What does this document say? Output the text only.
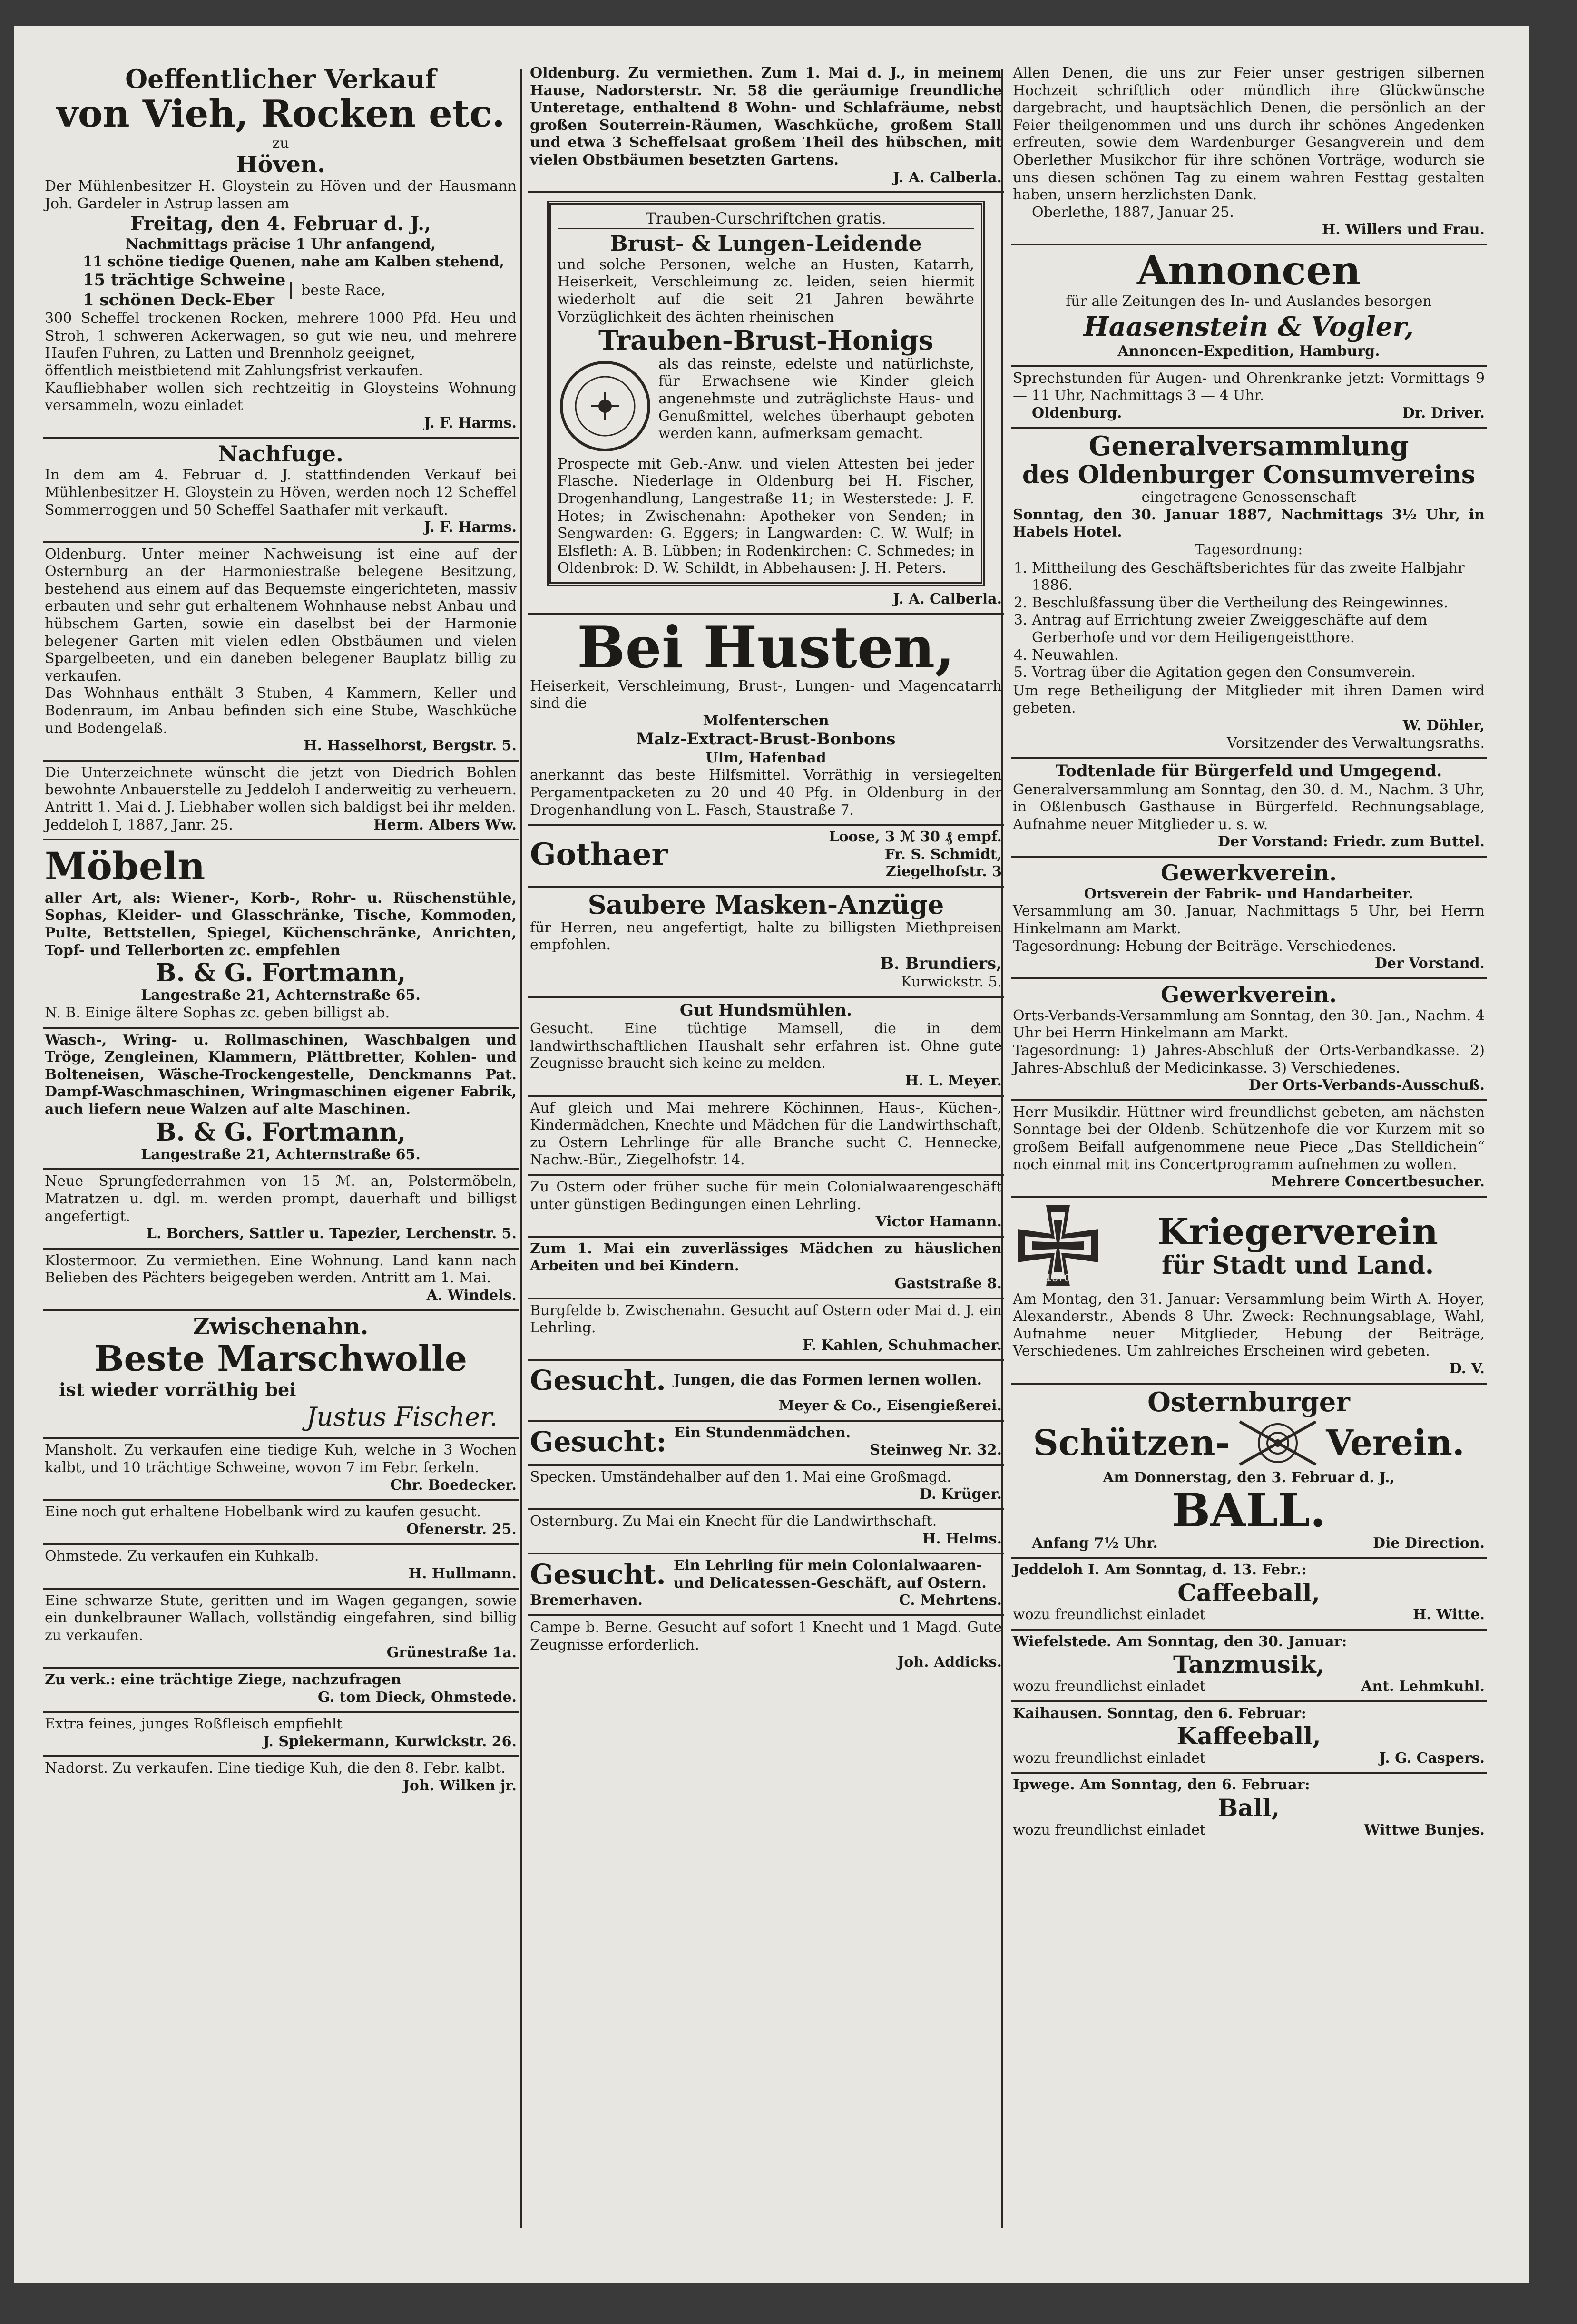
Oeffentlicher Verkauf

von Vieh, Rocken etc.

zu

Höven.

Der Mühlenbesitzer H. Gloystein zu Höven und der Hausmann Joh. Gardeler in Astrup lassen am

Freitag, den 4. Februar d. J.,

Nachmittags präcise 1 Uhr anfangend,

11 schöne tiedige Quenen, nahe am Kalben stehend,

15 trächtige Schweine

1 schönen Deck-Eber

beste Race,

300 Scheffel trockenen Rocken, mehrere 1000 Pfd. Heu und Stroh, 1 schweren Ackerwagen, so gut wie neu, und mehrere Haufen Fuhren, zu Latten und Brennholz geeignet,

öffentlich meistbietend mit Zahlungsfrist verkaufen.

Kaufliebhaber wollen sich rechtzeitig in Gloysteins Wohnung versammeln, wozu einladet

J. F. Harms.

Nachfuge.

In dem am 4. Februar d. J. stattfindenden Verkauf bei Mühlenbesitzer H. Gloystein zu Höven, werden noch 12 Scheffel Sommerroggen und 50 Scheffel Saathafer mit verkauft.

J. F. Harms.

Oldenburg. Unter meiner Nachweisung ist eine auf der Osternburg an der Harmoniestraße belegene Besitzung, bestehend aus einem auf das Bequemste eingerichteten, massiv erbauten und sehr gut erhaltenem Wohnhause nebst Anbau und hübschem Garten, sowie ein daselbst bei der Harmonie belegener Garten mit vielen edlen Obstbäumen und vielen Spargelbeeten, und ein daneben belegener Bauplatz billig zu verkaufen.

Das Wohnhaus enthält 3 Stuben, 4 Kammern, Keller und Bodenraum, im Anbau befinden sich eine Stube, Waschküche und Bodengelaß.

H. Hasselhorst, Bergstr. 5.

Die Unterzeichnete wünscht die jetzt von Diedrich Bohlen bewohnte Anbauerstelle zu Jeddeloh I anderweitig zu verheuern. Antritt 1. Mai d. J. Liebhaber wollen sich baldigst bei ihr melden.

Jeddeloh I, 1887, Janr. 25.	Herm. Albers Ww.
Möbeln

aller Art, als: Wiener-, Korb-, Rohr- u. Rüschenstühle, Sophas, Kleider- und Glasschränke, Tische, Kommoden, Pulte, Bettstellen, Spiegel, Küchenschränke, Anrichten, Topf- und Tellerborten zc. empfehlen

B. & G. Fortmann,

Langestraße 21, Achternstraße 65.

N. B. Einige ältere Sophas zc. geben billigst ab.

Wasch-, Wring- u. Rollmaschinen, Waschbalgen und Tröge, Zengleinen, Klammern, Plättbretter, Kohlen- und Bolteneisen, Wäsche-Trockengestelle, Denckmanns Pat. Dampf-Waschmaschinen, Wringmaschinen eigener Fabrik, auch liefern neue Walzen auf alte Maschinen.

B. & G. Fortmann,

Langestraße 21, Achternstraße 65.

Neue Sprungfederrahmen von 15 ℳ. an, Polstermöbeln, Matratzen u. dgl. m. werden prompt, dauerhaft und billigst angefertigt.

L. Borchers, Sattler u. Tapezier, Lerchenstr. 5.

Klostermoor. Zu vermiethen. Eine Wohnung. Land kann nach Belieben des Pächters beigegeben werden. Antritt am 1. Mai.

A. Windels.

Zwischenahn.

Beste Marschwolle

ist wieder vorräthig bei

Justus Fischer.

Mansholt. Zu verkaufen eine tiedige Kuh, welche in 3 Wochen kalbt, und 10 trächtige Schweine, wovon 7 im Febr. ferkeln.

Chr. Boedecker.

Eine noch gut erhaltene Hobelbank wird zu kaufen gesucht.

Ofenerstr. 25.

Ohmstede. Zu verkaufen ein Kuhkalb.

H. Hullmann.

Eine schwarze Stute, geritten und im Wagen gegangen, sowie ein dunkelbrauner Wallach, vollständig eingefahren, sind billig zu verkaufen.

Grünestraße 1a.

Zu verk.: eine trächtige Ziege, nachzufragen

G. tom Dieck, Ohmstede.

Extra feines, junges Roßfleisch empfiehlt

J. Spiekermann, Kurwickstr. 26.

Nadorst. Zu verkaufen. Eine tiedige Kuh, die den 8. Febr. kalbt.

Joh. Wilken jr.

Oldenburg. Zu vermiethen. Zum 1. Mai d. J., in meinem Hause, Nadorsterstr. Nr. 58 die geräumige freundliche Unteretage, enthaltend 8 Wohn- und Schlafräume, nebst großen Souterrein-Räumen, Waschküche, großem Stall und etwa 3 Scheffelsaat großem Theil des hübschen, mit vielen Obstbäumen besetzten Gartens.

J. A. Calberla.

Trauben-Curschriftchen gratis.

Brust- & Lungen-Leidende

und solche Personen, welche an Husten, Katarrh, Heiserkeit, Verschleimung zc. leiden, seien hiermit wiederholt auf die seit 21 Jahren bewährte Vorzüglichkeit des ächten rheinischen

Trauben-Brust-Honigs

als das reinste, edelste und natürlichste, für Erwachsene wie Kinder gleich angenehmste und zuträglichste Haus- und Genußmittel, welches überhaupt geboten werden kann, aufmerksam gemacht.

Prospecte mit Geb.-Anw. und vielen Attesten bei jeder Flasche. Niederlage in Oldenburg bei H. Fischer, Drogenhandlung, Langestraße 11; in Westerstede: J. F. Hotes; in Zwischenahn: Apotheker von Senden; in Sengwarden: G. Eggers; in Langwarden: C. W. Wulf; in Elsfleth: A. B. Lübben; in Rodenkirchen: C. Schmedes; in Oldenbrok: D. W. Schildt, in Abbehausen: J. H. Peters.

J. A. Calberla.

Bei Husten,

Heiserkeit, Verschleimung, Brust-, Lungen- und Magencatarrh sind die

Molfenterschen

Malz-Extract-Brust-Bonbons

Ulm, Hafenbad

anerkannt das beste Hilfsmittel. Vorräthig in versiegelten Pergamentpacketen zu 20 und 40 Pfg. in Oldenburg in der Drogenhandlung von L. Fasch, Staustraße 7.

Gothaer	Loose, 3 ℳ 30 ₰ empf.

Fr. S. Schmidt,

Ziegelhofstr. 3

Saubere Masken-Anzüge

für Herren, neu angefertigt, halte zu billigsten Miethpreisen empfohlen.

B. Brundiers,

Kurwickstr. 5.

Gut Hundsmühlen.

Gesucht. Eine tüchtige Mamsell, die in dem landwirthschaftlichen Haushalt sehr erfahren ist. Ohne gute Zeugnisse braucht sich keine zu melden.

H. L. Meyer.

Auf gleich und Mai mehrere Köchinnen, Haus-, Küchen-, Kindermädchen, Knechte und Mädchen für die Landwirthschaft, zu Ostern Lehrlinge für alle Branche sucht C. Hennecke, Nachw.-Bür., Ziegelhofstr. 14.

Zu Ostern oder früher suche für mein Colonialwaarengeschäft unter günstigen Bedingungen einen Lehrling.

Victor Hamann.

Zum 1. Mai ein zuverlässiges Mädchen zu häuslichen Arbeiten und bei Kindern.

Gaststraße 8.

Burgfelde b. Zwischenahn. Gesucht auf Ostern oder Mai d. J. ein Lehrling.

F. Kahlen, Schuhmacher.

Gesucht. Jungen, die das Formen lernen wollen.

Meyer & Co., Eisengießerei.

Gesucht: Ein Stundenmädchen.

Steinweg Nr. 32.

Specken. Umständehalber auf den 1. Mai eine Großmagd.

D. Krüger.

Osternburg. Zu Mai ein Knecht für die Landwirthschaft.

H. Helms.

Gesucht. Ein Lehrling für mein Colonialwaaren- und Delicatessen-Geschäft, auf Ostern.

Bremerhaven.	C. Mehrtens.

Campe b. Berne. Gesucht auf sofort 1 Knecht und 1 Magd. Gute Zeugnisse erforderlich.

Joh. Addicks.

Allen Denen, die uns zur Feier unser gestrigen silbernen Hochzeit schriftlich oder mündlich ihre Glückwünsche dargebracht, und hauptsächlich Denen, die persönlich an der Feier theilgenommen und uns durch ihr schönes Angedenken erfreuten, sowie dem Wardenburger Gesangverein und dem Oberlether Musikchor für ihre schönen Vorträge, wodurch sie uns diesen schönen Tag zu einem wahren Festtag gestalten haben, unsern herzlichsten Dank.

Oberlethe, 1887, Januar 25.

H. Willers und Frau.

Annoncen

für alle Zeitungen des In- und Auslandes besorgen

Haasenstein & Vogler,

Annoncen-Expedition, Hamburg.

Sprechstunden für Augen- und Ohrenkranke jetzt: Vormittags 9 — 11 Uhr, Nachmittags 3 — 4 Uhr.

Oldenburg.	Dr. Driver.

Generalversammlung

des Oldenburger Consumvereins

eingetragene Genossenschaft

Sonntag, den 30. Januar 1887, Nachmittags 3½ Uhr, in Habels Hotel.

Tagesordnung:

1. Mittheilung des Geschäftsberichtes für das zweite Halbjahr 1886.
2. Beschlußfassung über die Vertheilung des Reingewinnes.
3. Antrag auf Errichtung zweier Zweiggeschäfte auf dem Gerberhofe und vor dem Heiligengeistthore.
4. Neuwahlen.
5. Vortrag über die Agitation gegen den Consumverein.

Um rege Betheiligung der Mitglieder mit ihren Damen wird gebeten.

W. Döhler,

Vorsitzender des Verwaltungsraths.

Todtenlade für Bürgerfeld und Umgegend.

Generalversammlung am Sonntag, den 30. d. M., Nachm. 3 Uhr, in Oßlenbusch Gasthause in Bürgerfeld. Rechnungsablage, Aufnahme neuer Mitglieder u. s. w.

Der Vorstand: Friedr. zum Buttel.

Gewerkverein.

Ortsverein der Fabrik- und Handarbeiter.

Versammlung am 30. Januar, Nachmittags 5 Uhr, bei Herrn Hinkelmann am Markt.

Tagesordnung: Hebung der Beiträge. Verschiedenes.

Der Vorstand.

Gewerkverein.

Orts-Verbands-Versammlung am Sonntag, den 30. Jan., Nachm. 4 Uhr bei Herrn Hinkelmann am Markt.

Tagesordnung: 1) Jahres-Abschluß der Orts-Verbandkasse. 2) Jahres-Abschluß der Medicinkasse. 3) Verschiedenes.

Der Orts-Verbands-Ausschuß.

Herr Musikdir. Hüttner wird freundlichst gebeten, am nächsten Sonntage bei der Oldenb. Schützenhofe die vor Kurzem mit so großem Beifall aufgenommene neue Piece „Das Stelldichein“ noch einmal mit ins Concertprogramm aufnehmen zu wollen.

Mehrere Concertbesucher.

1870

Kriegerverein

für Stadt und Land.

Am Montag, den 31. Januar: Versammlung beim Wirth A. Hoyer, Alexanderstr., Abends 8 Uhr. Zweck: Rechnungsablage, Wahl, Aufnahme neuer Mitglieder, Hebung der Beiträge, Verschiedenes. Um zahlreiches Erscheinen wird gebeten.

D. V.

Osternburger

Schützen-	Verein.

Am Donnerstag, den 3. Februar d. J.,

BALL.

Anfang 7½ Uhr.	Die Direction.

Jeddeloh I. Am Sonntag, d. 13. Febr.:

Caffeeball,

wozu freundlichst einladet	H. Witte.

Wiefelstede. Am Sonntag, den 30. Januar:

Tanzmusik,

wozu freundlichst einladet	Ant. Lehmkuhl.

Kaihausen. Sonntag, den 6. Februar:

Kaffeeball,

wozu freundlichst einladet	J. G. Caspers.

Ipwege. Am Sonntag, den 6. Februar:

Ball,

wozu freundlichst einladet	Wittwe Bunjes.
